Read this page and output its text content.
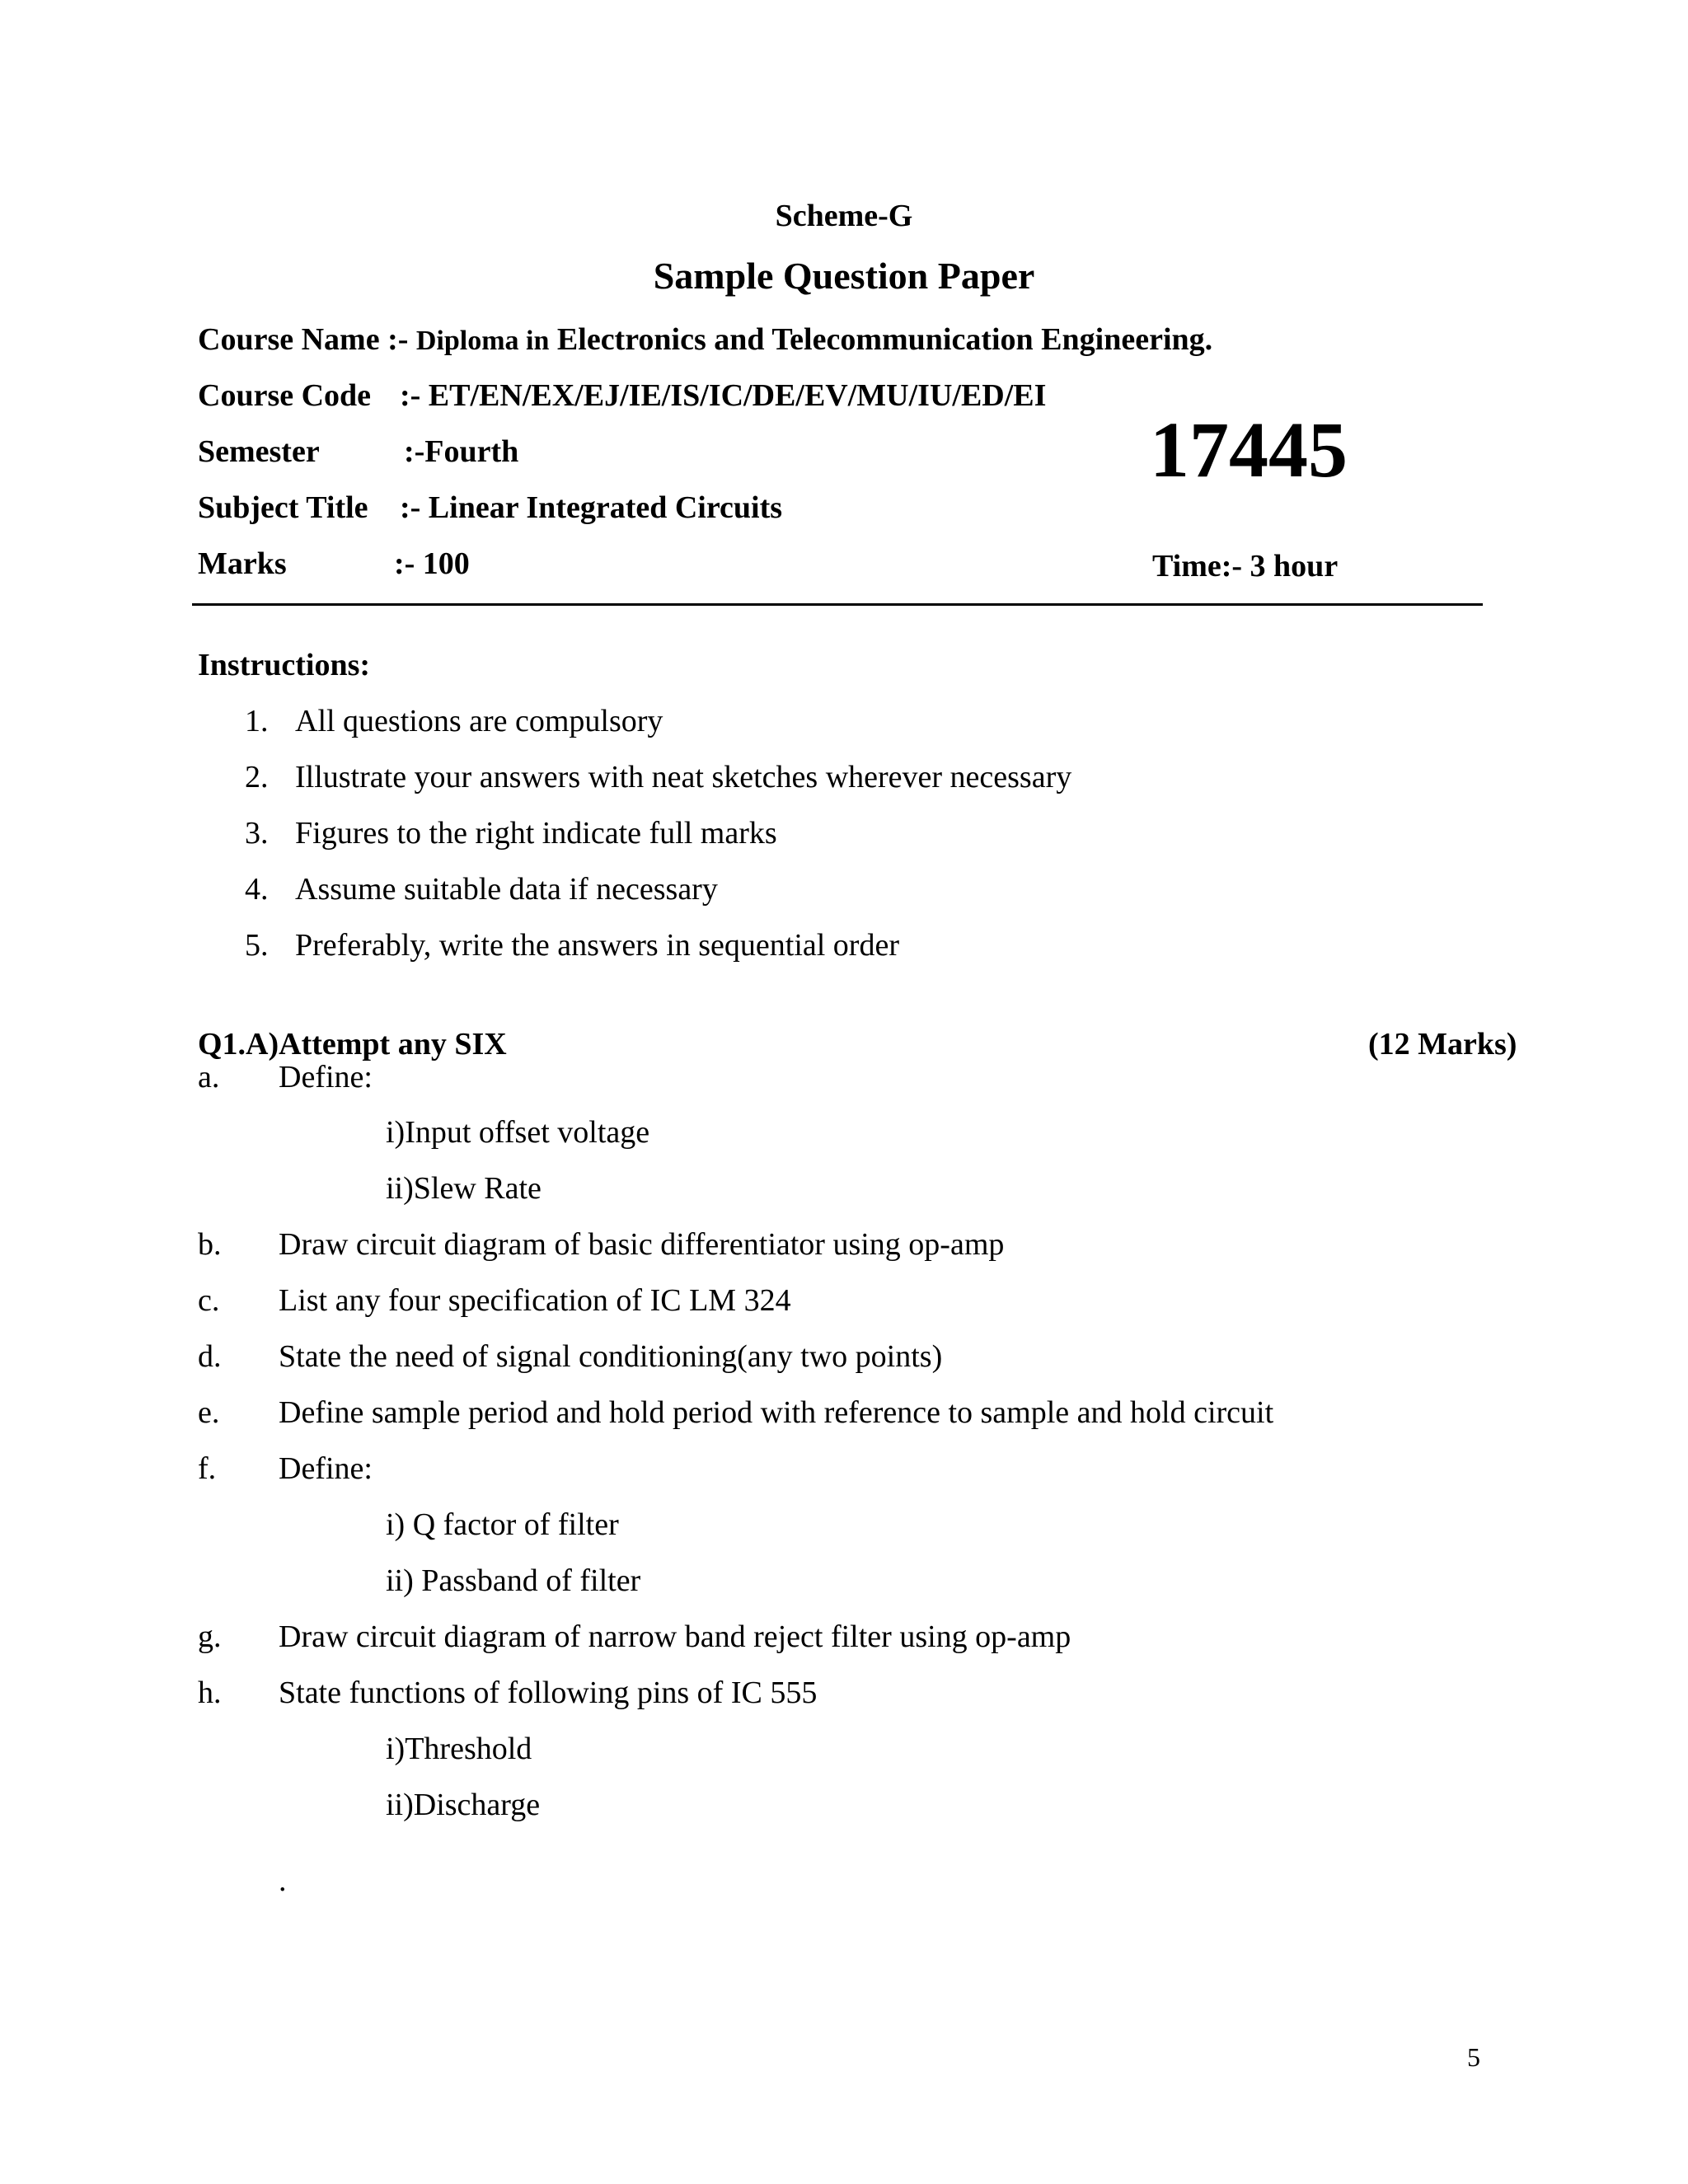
Scheme-G
Sample Question Paper
Course Name :- Diploma in Electronics and Telecommunication Engineering.
Course Code :- ET/EN/EX/EJ/IE/IS/IC/DE/EV/MU/IU/ED/EI
Semester	:-Fourth	17445
Subject Title :- Linear Integrated Circuits
Marks	:- 100	Time:- 3 hour
Instructions:
1. All questions are compulsory
2. Illustrate your answers with neat sketches wherever necessary
3. Figures to the right indicate full marks
4. Assume suitable data if necessary
5. Preferably, write the answers in sequential order
Q1.A)Attempt any SIX	(12 Marks)
a. Define:
i)Input offset voltage
ii)Slew Rate
b. Draw circuit diagram of basic differentiator using op-amp
c. List any four specification of IC LM 324
d. State the need of signal conditioning(any two points)
e. Define sample period and hold period with reference to sample and hold circuit
f. Define:
i) Q factor of filter
ii) Passband of filter
g. Draw circuit diagram of narrow band reject filter using op-amp
h. State functions of following pins of IC 555
i)Threshold
ii)Discharge
.
5
